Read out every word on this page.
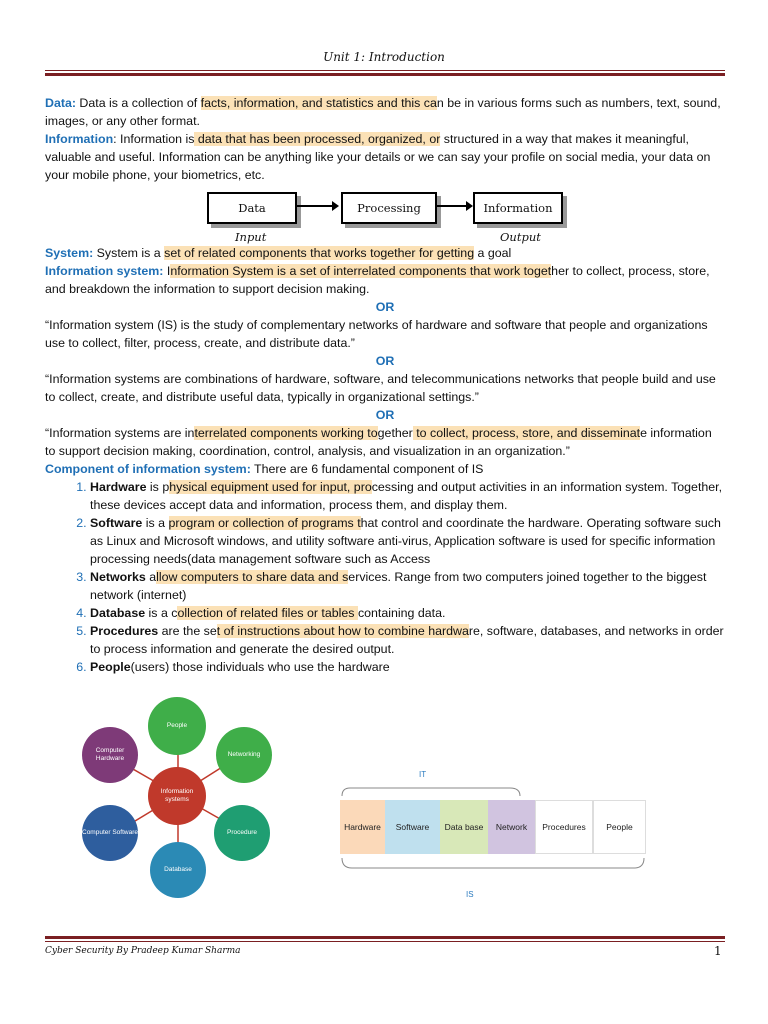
Unit 1: Introduction

Data: Data is a collection of facts, information, and statistics and this can be in various forms such as numbers, text, sound, images, or any other format.

Information: Information is data that has been processed, organized, or structured in a way that makes it meaningful, valuable and useful. Information can be anything like your details or we can say your profile on social media, your data on your mobile phone, your biometrics, etc.

Data	Processing	Information
Input	Output

System: System is a set of related components that works together for getting a goal

Information system: Information System is a set of interrelated components that work together to collect, process, store, and breakdown the information to support decision making.

OR

“Information system (IS) is the study of complementary networks of hardware and software that people and organizations use to collect, filter, process, create, and distribute data.”

OR

“Information systems are combinations of hardware, software, and telecommunications networks that people build and use to collect, create, and distribute useful data, typically in organizational settings.”

OR

“Information systems are interrelated components working together to collect, process, store, and disseminate information to support decision making, coordination, control, analysis, and visualization in an organization.”

Component of information system: There are 6 fundamental component of IS

1. Hardware is physical equipment used for input, processing and output activities in an information system. Together, these devices accept data and information, process them, and display them.
2. Software is a program or collection of programs that control and coordinate the hardware. Operating software such as Linux and Microsoft windows, and utility software anti-virus, Application software is used for specific information processing needs(data management software such as Access
3. Networks allow computers to share data and services. Range from two computers joined together to the biggest network (internet)
4. Database is a collection of related files or tables containing data.
5. Procedures are the set of instructions about how to combine hardware, software, databases, and networks in order to process information and generate the desired output.
6. People(users) those individuals who use the hardware
People
Networking
Procedure
Database
Computer Software
Computer Hardware
Information systems
IT
Hardware	Software	Data base	Network	Procedures	People
IS
Cyber Security By Pradeep Kumar Sharma	1
